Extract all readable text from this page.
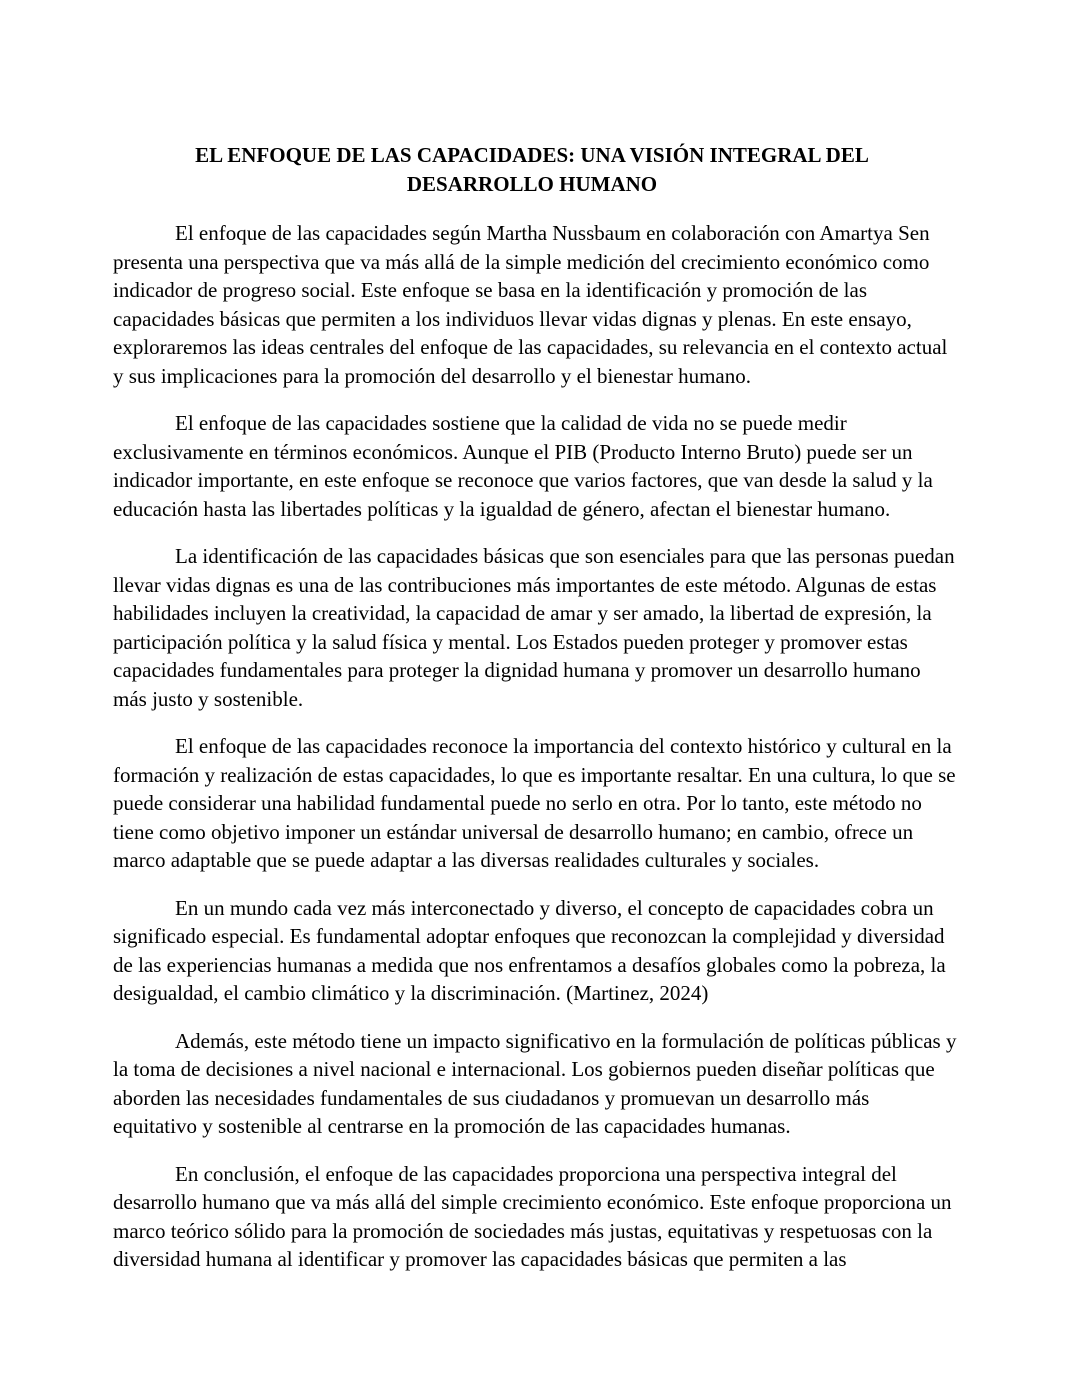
EL ENFOQUE DE LAS CAPACIDADES: UNA VISIÓN INTEGRAL DEL
DESARROLLO HUMANO

El enfoque de las capacidades según Martha Nussbaum en colaboración con Amartya Sen presenta una perspectiva que va más allá de la simple medición del crecimiento económico como indicador de progreso social. Este enfoque se basa en la identificación y promoción de las capacidades básicas que permiten a los individuos llevar vidas dignas y plenas. En este ensayo, exploraremos las ideas centrales del enfoque de las capacidades, su relevancia en el contexto actual y sus implicaciones para la promoción del desarrollo y el bienestar humano.

El enfoque de las capacidades sostiene que la calidad de vida no se puede medir exclusivamente en términos económicos. Aunque el PIB (Producto Interno Bruto) puede ser un indicador importante, en este enfoque se reconoce que varios factores, que van desde la salud y la educación hasta las libertades políticas y la igualdad de género, afectan el bienestar humano.

La identificación de las capacidades básicas que son esenciales para que las personas puedan llevar vidas dignas es una de las contribuciones más importantes de este método. Algunas de estas habilidades incluyen la creatividad, la capacidad de amar y ser amado, la libertad de expresión, la participación política y la salud física y mental. Los Estados pueden proteger y promover estas capacidades fundamentales para proteger la dignidad humana y promover un desarrollo humano más justo y sostenible.

El enfoque de las capacidades reconoce la importancia del contexto histórico y cultural en la formación y realización de estas capacidades, lo que es importante resaltar. En una cultura, lo que se puede considerar una habilidad fundamental puede no serlo en otra. Por lo tanto, este método no tiene como objetivo imponer un estándar universal de desarrollo humano; en cambio, ofrece un marco adaptable que se puede adaptar a las diversas realidades culturales y sociales.

En un mundo cada vez más interconectado y diverso, el concepto de capacidades cobra un significado especial. Es fundamental adoptar enfoques que reconozcan la complejidad y diversidad de las experiencias humanas a medida que nos enfrentamos a desafíos globales como la pobreza, la desigualdad, el cambio climático y la discriminación. (Martinez, 2024)

Además, este método tiene un impacto significativo en la formulación de políticas públicas y la toma de decisiones a nivel nacional e internacional. Los gobiernos pueden diseñar políticas que aborden las necesidades fundamentales de sus ciudadanos y promuevan un desarrollo más equitativo y sostenible al centrarse en la promoción de las capacidades humanas.

En conclusión, el enfoque de las capacidades proporciona una perspectiva integral del desarrollo humano que va más allá del simple crecimiento económico. Este enfoque proporciona un marco teórico sólido para la promoción de sociedades más justas, equitativas y respetuosas con la diversidad humana al identificar y promover las capacidades básicas que permiten a las
